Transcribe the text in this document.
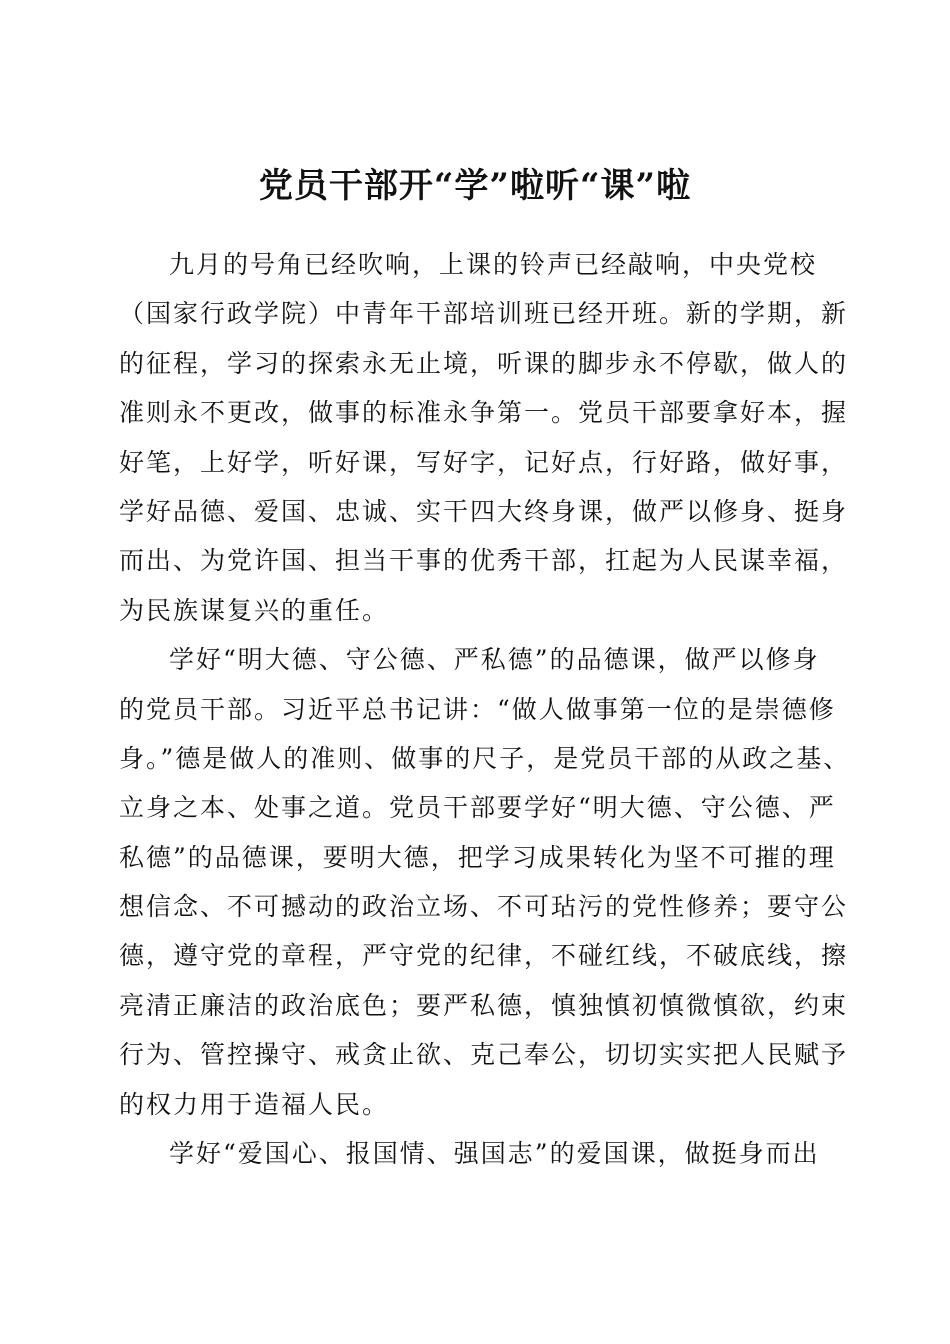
党员干部开“学”啦听“课”啦
九月的号角已经吹响，上课的铃声已经敲响，中央党校
（国家行政学院）中青年干部培训班已经开班。新的学期，新
的征程，学习的探索永无止境，听课的脚步永不停歇，做人的
准则永不更改，做事的标准永争第一。党员干部要拿好本，握
好笔，上好学，听好课，写好字，记好点，行好路，做好事，
学好品德、爱国、忠诚、实干四大终身课，做严以修身、挺身
而出、为党许国、担当干事的优秀干部，扛起为人民谋幸福，
为民族谋复兴的重任。
学好“明大德、守公德、严私德”的品德课，做严以修身
的党员干部。习近平总书记讲：“做人做事第一位的是崇德修
身。”德是做人的准则、做事的尺子，是党员干部的从政之基、
立身之本、处事之道。党员干部要学好“明大德、守公德、严
私德”的品德课，要明大德，把学习成果转化为坚不可摧的理
想信念、不可撼动的政治立场、不可玷污的党性修养；要守公
德，遵守党的章程，严守党的纪律，不碰红线，不破底线，擦
亮清正廉洁的政治底色；要严私德，慎独慎初慎微慎欲，约束
行为、管控操守、戒贪止欲、克己奉公，切切实实把人民赋予
的权力用于造福人民。
学好“爱国心、报国情、强国志”的爱国课，做挺身而出
